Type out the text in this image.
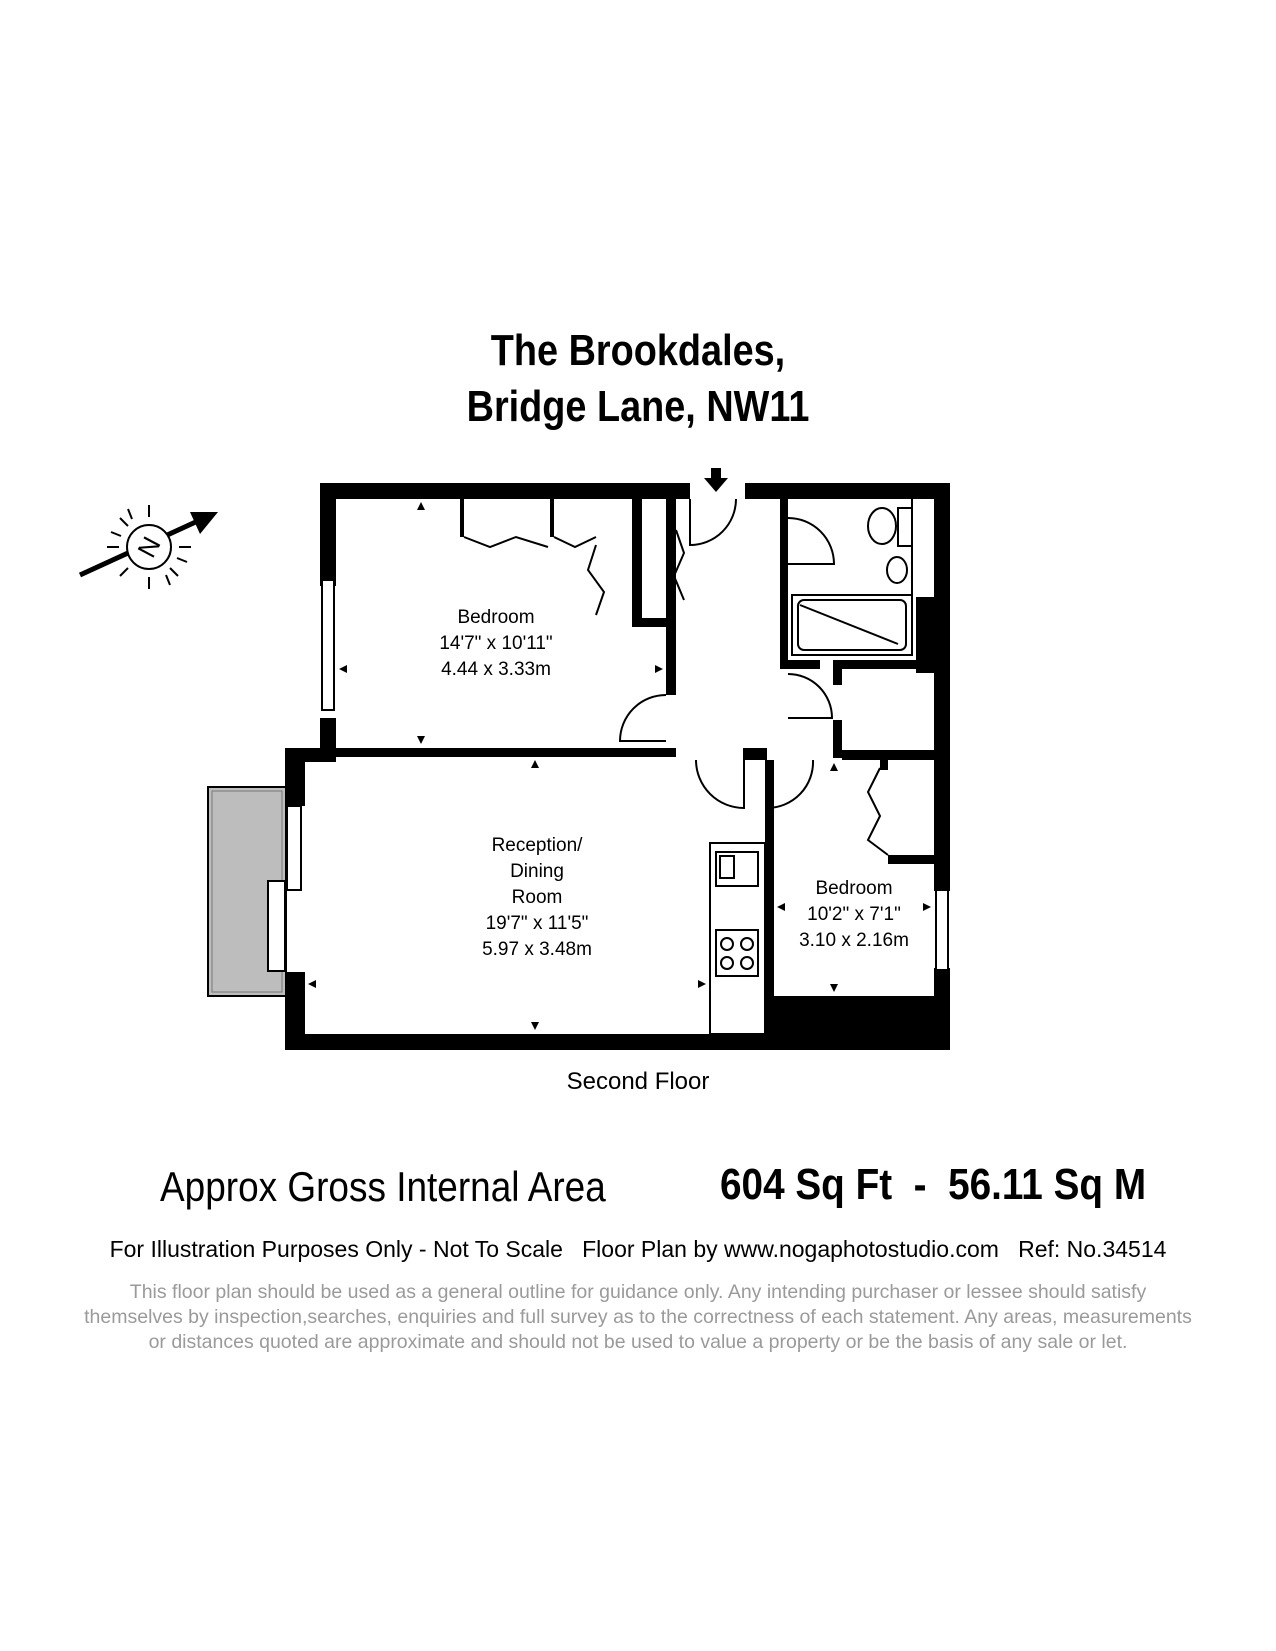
The Brookdales,
Bridge Lane, NW11
N
Bedroom
14'7" x 10'11"
4.44 x 3.33m
Reception/
Dining
Room
19'7" x 11'5"
5.97 x 3.48m
Bedroom
10'2" x 7'1"
3.10 x 2.16m
Second Floor
Approx Gross Internal Area	604 Sq Ft  -  56.11 Sq M
For Illustration Purposes Only - Not To Scale   Floor Plan by www.nogaphotostudio.com   Ref: No.34514
This floor plan should be used as a general outline for guidance only. Any intending purchaser or lessee should satisfy
themselves by inspection,searches, enquiries and full survey as to the correctness of each statement. Any areas, measurements
or distances quoted are approximate and should not be used to value a property or be the basis of any sale or let.
